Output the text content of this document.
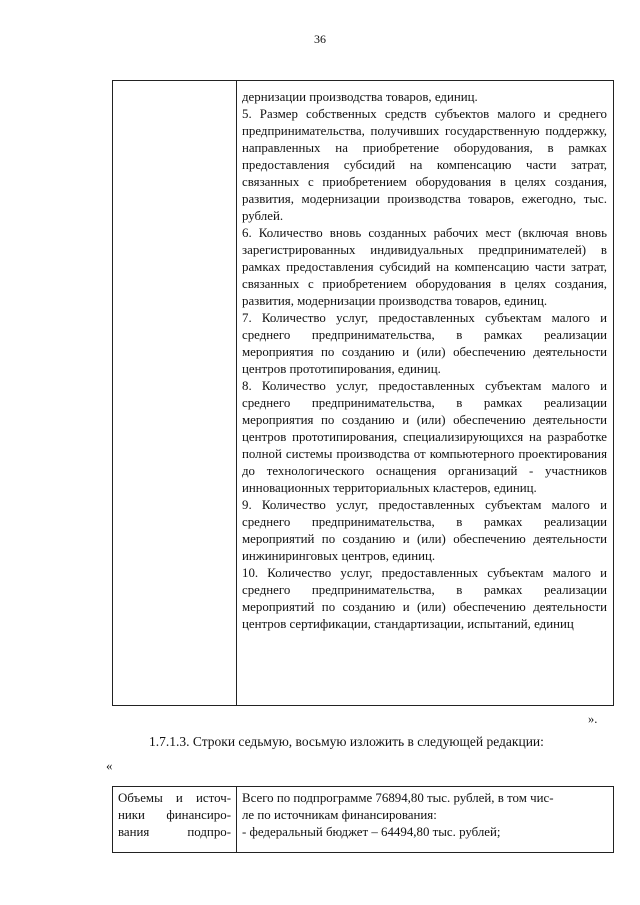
36

дернизации производства товаров, единиц.

5. Размер собственных средств субъектов малого и среднего предпринимательства, получивших государственную поддержку, направленных на приобретение оборудования, в рамках предоставления субсидий на компенсацию части затрат, связанных с приобретением оборудования в целях создания, развития, модернизации производства товаров, ежегодно, тыс. рублей.

6. Количество вновь созданных рабочих мест (включая вновь зарегистрированных индивидуальных предпринимателей) в рамках предоставления субсидий на компенсацию части затрат, связанных с приобретением оборудования в целях создания, развития, модернизации производства товаров, единиц.

7. Количество услуг, предоставленных субъектам малого и среднего предпринимательства, в рамках реализации мероприятия по созданию и (или) обеспечению деятельности центров прототипирования, единиц.

8. Количество услуг, предоставленных субъектам малого и среднего предпринимательства, в рамках реализации мероприятия по созданию и (или) обеспечению деятельности центров прототипирования, специализирующихся на разработке полной системы производства от компьютерного проектирования до технологического оснащения организаций - участников инновационных территориальных кластеров, единиц.

9. Количество услуг, предоставленных субъектам малого и среднего предпринимательства, в рамках реализации мероприятий по созданию и (или) обеспечению деятельности инжиниринговых центров, единиц.

10. Количество услуг, предоставленных субъектам малого и среднего предпринимательства, в рамках реализации мероприятий по созданию и (или) обеспечению деятельности центров сертификации, стандартизации, испытаний, единиц

».
1.7.1.3. Строки седьмую, восьмую изложить в следующей редакции:
«
Объемы и источ-
ники финансиро-
вания подпро-

Всего по подпрограмме 76894,80 тыс. рублей, в том чис-
ле по источникам финансирования:
- федеральный бюджет – 64494,80 тыс. рублей;
